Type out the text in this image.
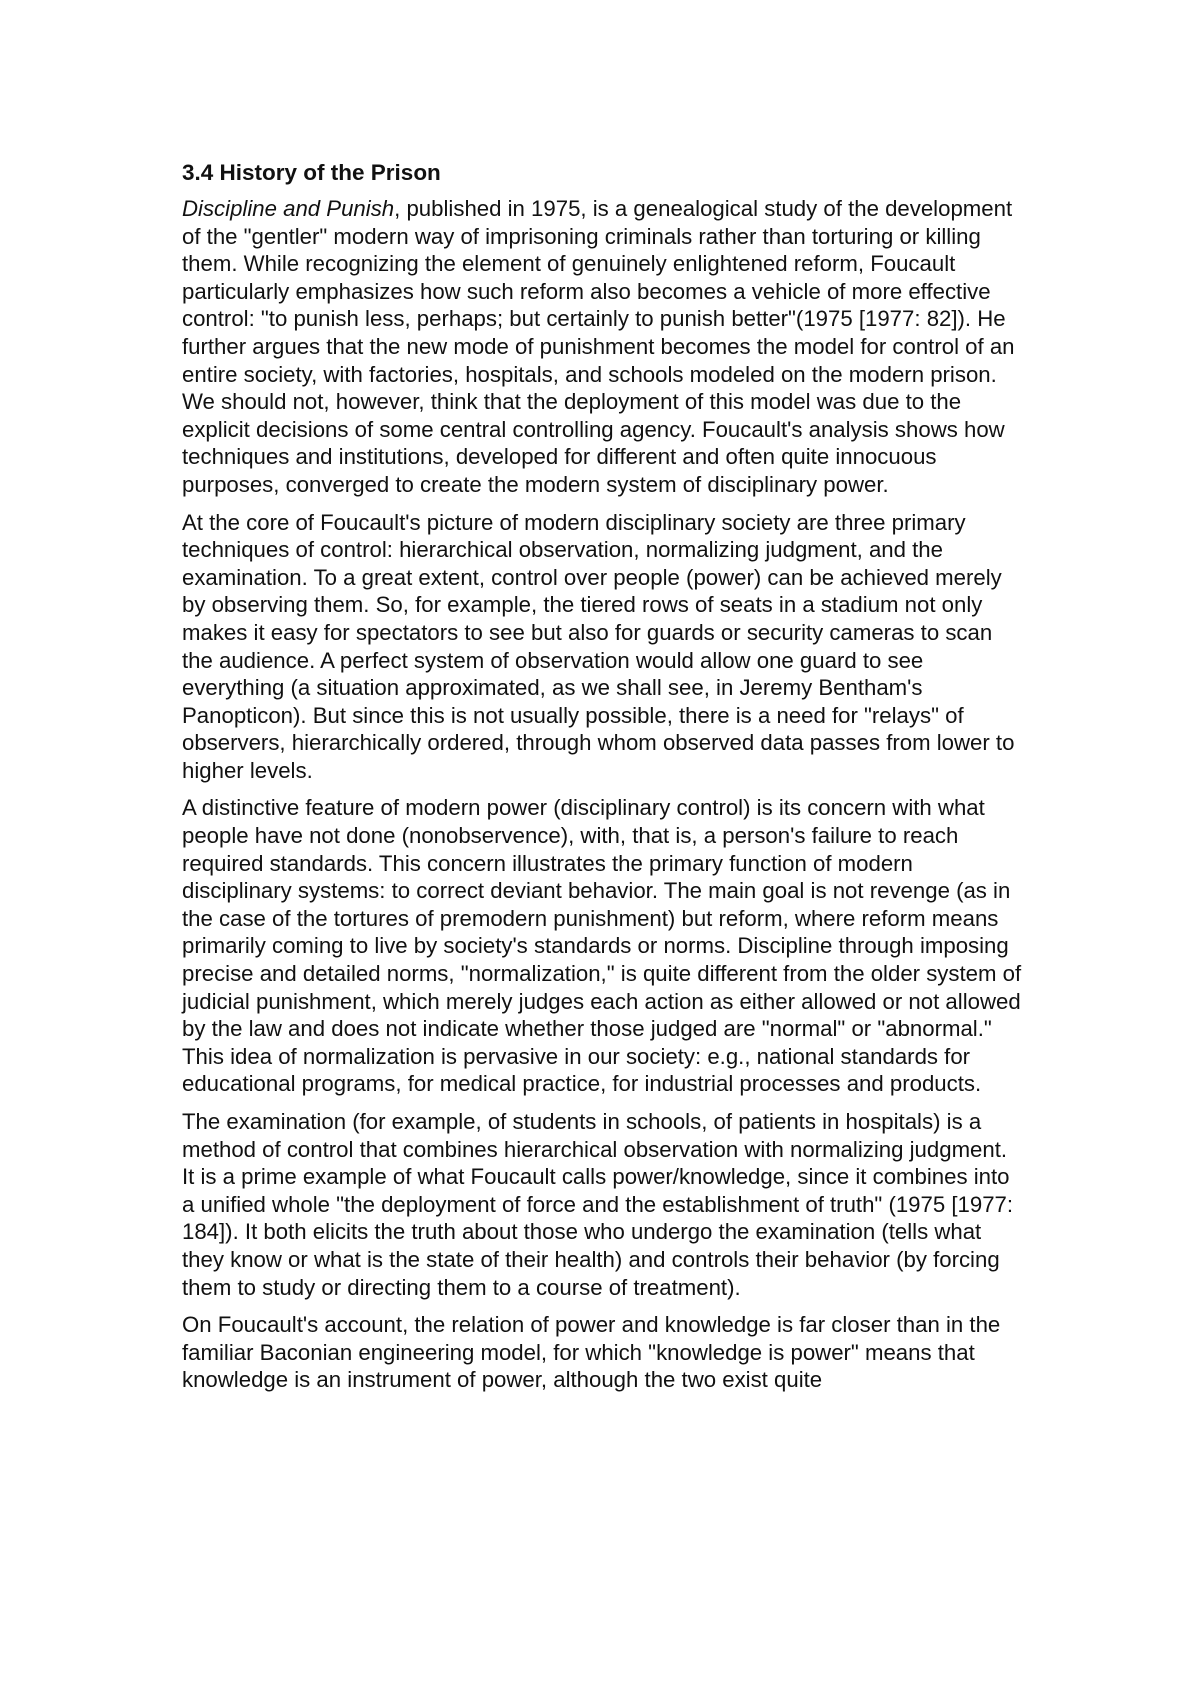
3.4 History of the Prison

Discipline and Punish, published in 1975, is a genealogical study of the development of the "gentler" modern way of imprisoning criminals rather than torturing or killing them. While recognizing the element of genuinely enlightened reform, Foucault particularly emphasizes how such reform also becomes a vehicle of more effective control: "to punish less, perhaps; but certainly to punish better"(1975 [1977: 82]). He further argues that the new mode of punishment becomes the model for control of an entire society, with factories, hospitals, and schools modeled on the modern prison. We should not, however, think that the deployment of this model was due to the explicit decisions of some central controlling agency. Foucault's analysis shows how techniques and institutions, developed for different and often quite innocuous purposes, converged to create the modern system of disciplinary power.

At the core of Foucault's picture of modern disciplinary society are three primary techniques of control: hierarchical observation, normalizing judgment, and the examination. To a great extent, control over people (power) can be achieved merely by observing them. So, for example, the tiered rows of seats in a stadium not only makes it easy for spectators to see but also for guards or security cameras to scan the audience. A perfect system of observation would allow one guard to see everything (a situation approximated, as we shall see, in Jeremy Bentham's Panopticon). But since this is not usually possible, there is a need for "relays" of observers, hierarchically ordered, through whom observed data passes from lower to higher levels.

A distinctive feature of modern power (disciplinary control) is its concern with what people have not done (nonobservence), with, that is, a person's failure to reach required standards. This concern illustrates the primary function of modern disciplinary systems: to correct deviant behavior. The main goal is not revenge (as in the case of the tortures of premodern punishment) but reform, where reform means primarily coming to live by society's standards or norms. Discipline through imposing precise and detailed norms, "normalization," is quite different from the older system of judicial punishment, which merely judges each action as either allowed or not allowed by the law and does not indicate whether those judged are "normal" or "abnormal." This idea of normalization is pervasive in our society: e.g., national standards for educational programs, for medical practice, for industrial processes and products.

The examination (for example, of students in schools, of patients in hospitals) is a method of control that combines hierarchical observation with normalizing judgment. It is a prime example of what Foucault calls power/knowledge, since it combines into a unified whole "the deployment of force and the establishment of truth" (1975 [1977: 184]). It both elicits the truth about those who undergo the examination (tells what they know or what is the state of their health) and controls their behavior (by forcing them to study or directing them to a course of treatment).

On Foucault's account, the relation of power and knowledge is far closer than in the familiar Baconian engineering model, for which "knowledge is power" means that knowledge is an instrument of power, although the two exist quite
